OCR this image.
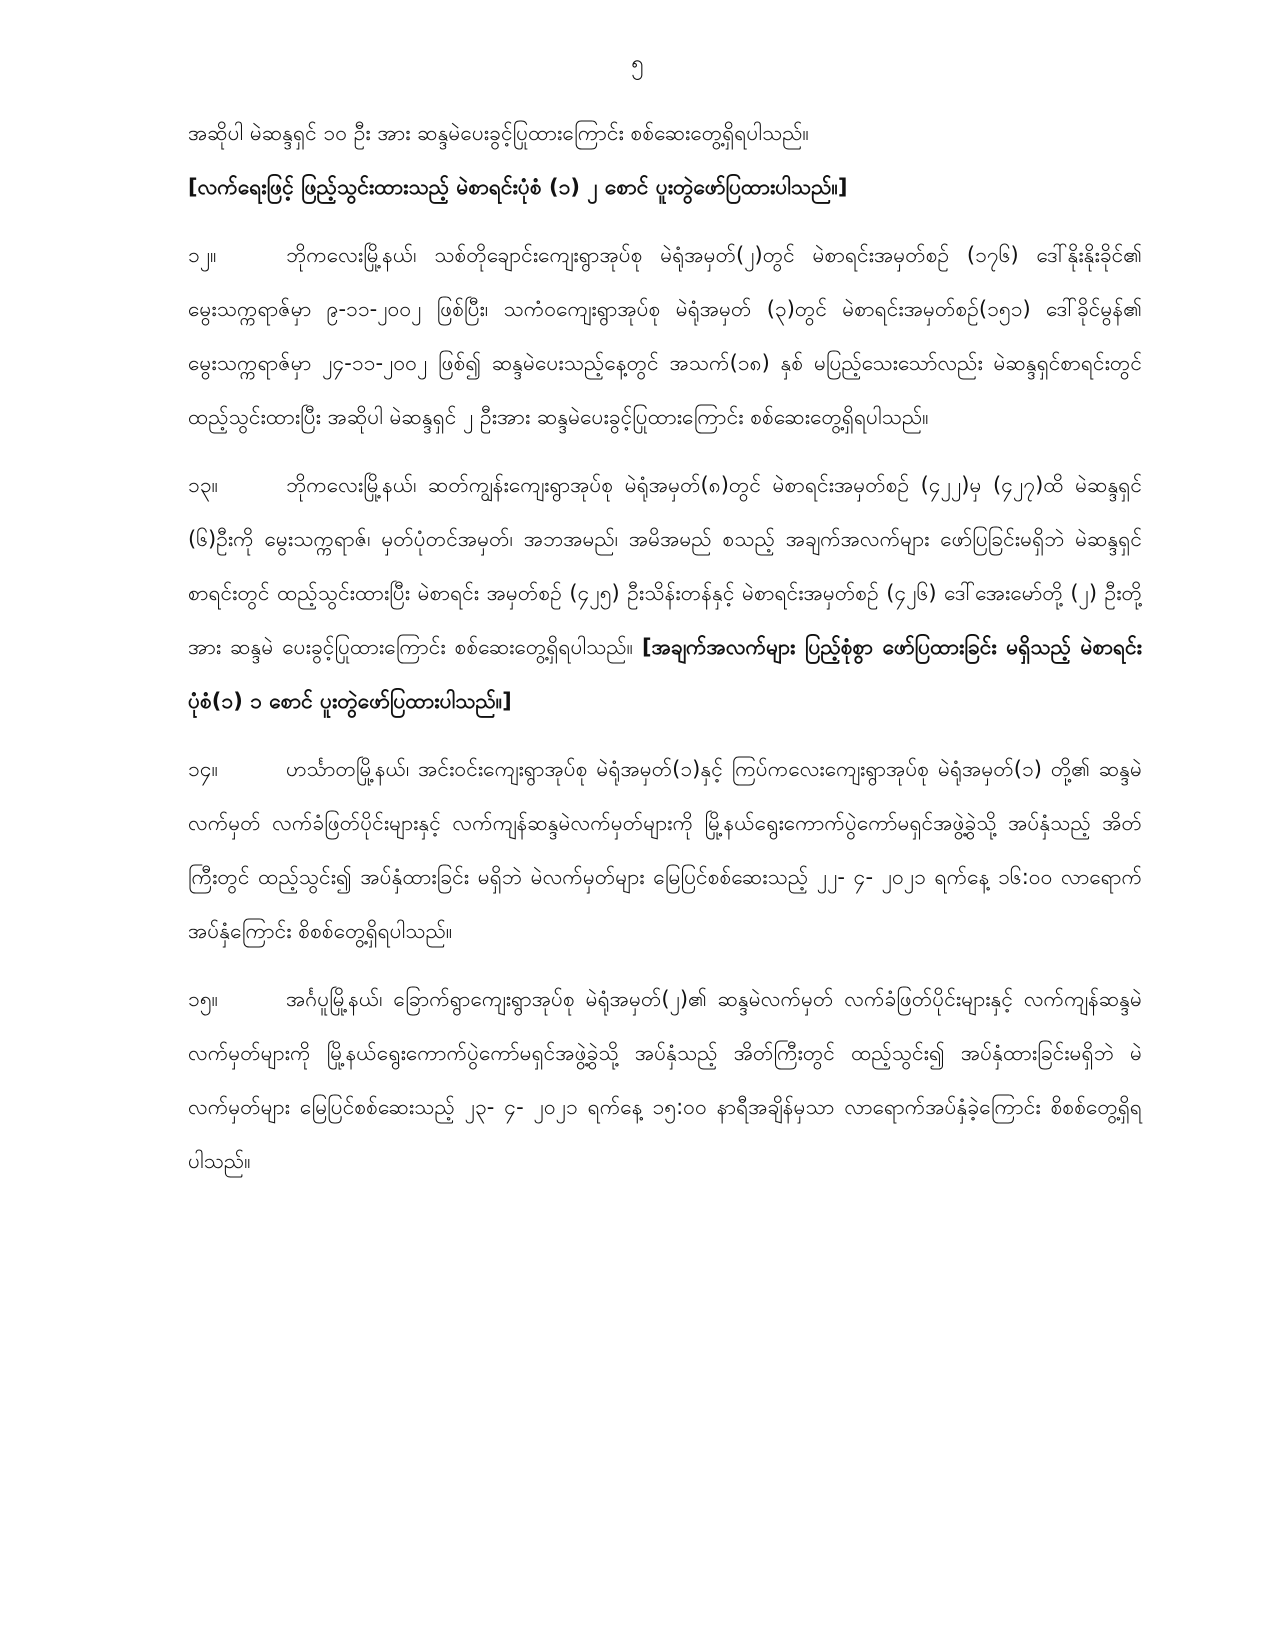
၅

အဆိုပါ မဲဆန္ဒရှင် ၁၀ ဦး အား ဆန္ဒမဲပေးခွင့်ပြုထားကြောင်း စစ်ဆေးတွေ့ရှိရပါသည်။
[လက်ရေးဖြင့် ဖြည့်သွင်းထားသည့် မဲစာရင်းပုံစံ (၁) ၂ စောင် ပူးတွဲဖော်ပြထားပါသည်။]

၁၂။	ဘိုကလေးမြို့နယ်၊ သစ်တိုချောင်းကျေးရွာအုပ်စု မဲရုံအမှတ်(၂)တွင် မဲစာရင်းအမှတ်စဉ် (၁၇၆) ဒေါ်နိုးနိုးခိုင်၏ မွေးသက္ကရာဇ်မှာ ၉-၁၁-၂၀၀၂ ဖြစ်ပြီး၊ သကံ၀ကျေးရွာအုပ်စု မဲရုံအမှတ် (၃)တွင် မဲစာရင်းအမှတ်စဉ်(၁၅၁) ဒေါ်ခိုင်မွန်၏ မွေးသက္ကရာဇ်မှာ ၂၄-၁၁-၂၀၀၂ ဖြစ်၍ ဆန္ဒမဲပေးသည့်နေ့တွင် အသက်(၁၈) နှစ် မပြည့်သေးသော်လည်း မဲဆန္ဒရှင်စာရင်းတွင် ထည့်သွင်းထားပြီး အဆိုပါ မဲဆန္ဒရှင် ၂ ဦးအား ဆန္ဒမဲပေးခွင့်ပြုထားကြောင်း စစ်ဆေးတွေ့ရှိရပါသည်။

၁၃။	ဘိုကလေးမြို့နယ်၊ ဆတ်ကျွန်းကျေးရွာအုပ်စု မဲရုံအမှတ်(၈)တွင် မဲစာရင်းအမှတ်စဉ် (၄၂၂)မှ (၄၂၇)ထိ မဲဆန္ဒရှင် (၆)ဦးကို မွေးသက္ကရာဇ်၊ မှတ်ပုံတင်အမှတ်၊ အဘအမည်၊ အမိအမည် စသည့် အချက်အလက်များ ဖော်ပြခြင်းမရှိဘဲ မဲဆန္ဒရှင်စာရင်းတွင် ထည့်သွင်းထားပြီး မဲစာရင်း အမှတ်စဉ် (၄၂၅) ဦးသိန်းတန်နှင့် မဲစာရင်းအမှတ်စဉ် (၄၂၆) ဒေါ်အေးမော်တို့ (၂) ဦးတို့အား ဆန္ဒမဲ ပေးခွင့်ပြုထားကြောင်း စစ်ဆေးတွေ့ရှိရပါသည်။ [အချက်အလက်များ ပြည့်စုံစွာ ဖော်ပြထားခြင်း မရှိသည့် မဲစာရင်း ပုံစံ(၁) ၁ စောင် ပူးတွဲဖော်ပြထားပါသည်။]

၁၄။	ဟင်္သာတမြို့နယ်၊ အင်းဝင်းကျေးရွာအုပ်စု မဲရုံအမှတ်(၁)နှင့် ကြပ်ကလေးကျေးရွာအုပ်စု မဲရုံအမှတ်(၁) တို့၏ ဆန္ဒမဲလက်မှတ် လက်ခံဖြတ်ပိုင်းများနှင့် လက်ကျန်ဆန္ဒမဲလက်မှတ်များကို မြို့နယ်ရွေးကောက်ပွဲကော်မရှင်အဖွဲ့ခွဲသို့ အပ်နှံသည့် အိတ်ကြီးတွင် ထည့်သွင်း၍ အပ်နှံထားခြင်း မရှိဘဲ မဲလက်မှတ်များ မြေပြင်စစ်ဆေးသည့် ၂၂- ၄- ၂၀၂၁ ရက်နေ့ ၁၆:၀၀ လာရောက်အပ်နှံကြောင်း စိစစ်တွေ့ရှိရပါသည်။

၁၅။	အင်္ဂပူမြို့နယ်၊ ခြောက်ရွာကျေးရွာအုပ်စု မဲရုံအမှတ်(၂)၏ ဆန္ဒမဲလက်မှတ် လက်ခံဖြတ်ပိုင်းများနှင့် လက်ကျန်ဆန္ဒမဲလက်မှတ်များကို မြို့နယ်ရွေးကောက်ပွဲကော်မရှင်အဖွဲ့ခွဲသို့ အပ်နှံသည့် အိတ်ကြီးတွင် ထည့်သွင်း၍ အပ်နှံထားခြင်းမရှိဘဲ မဲလက်မှတ်များ မြေပြင်စစ်ဆေးသည့် ၂၃- ၄- ၂၀၂၁ ရက်နေ့ ၁၅:၀၀ နာရီအချိန်မှသာ လာရောက်အပ်နှံခဲ့ကြောင်း စိစစ်တွေ့ရှိရပါသည်။
